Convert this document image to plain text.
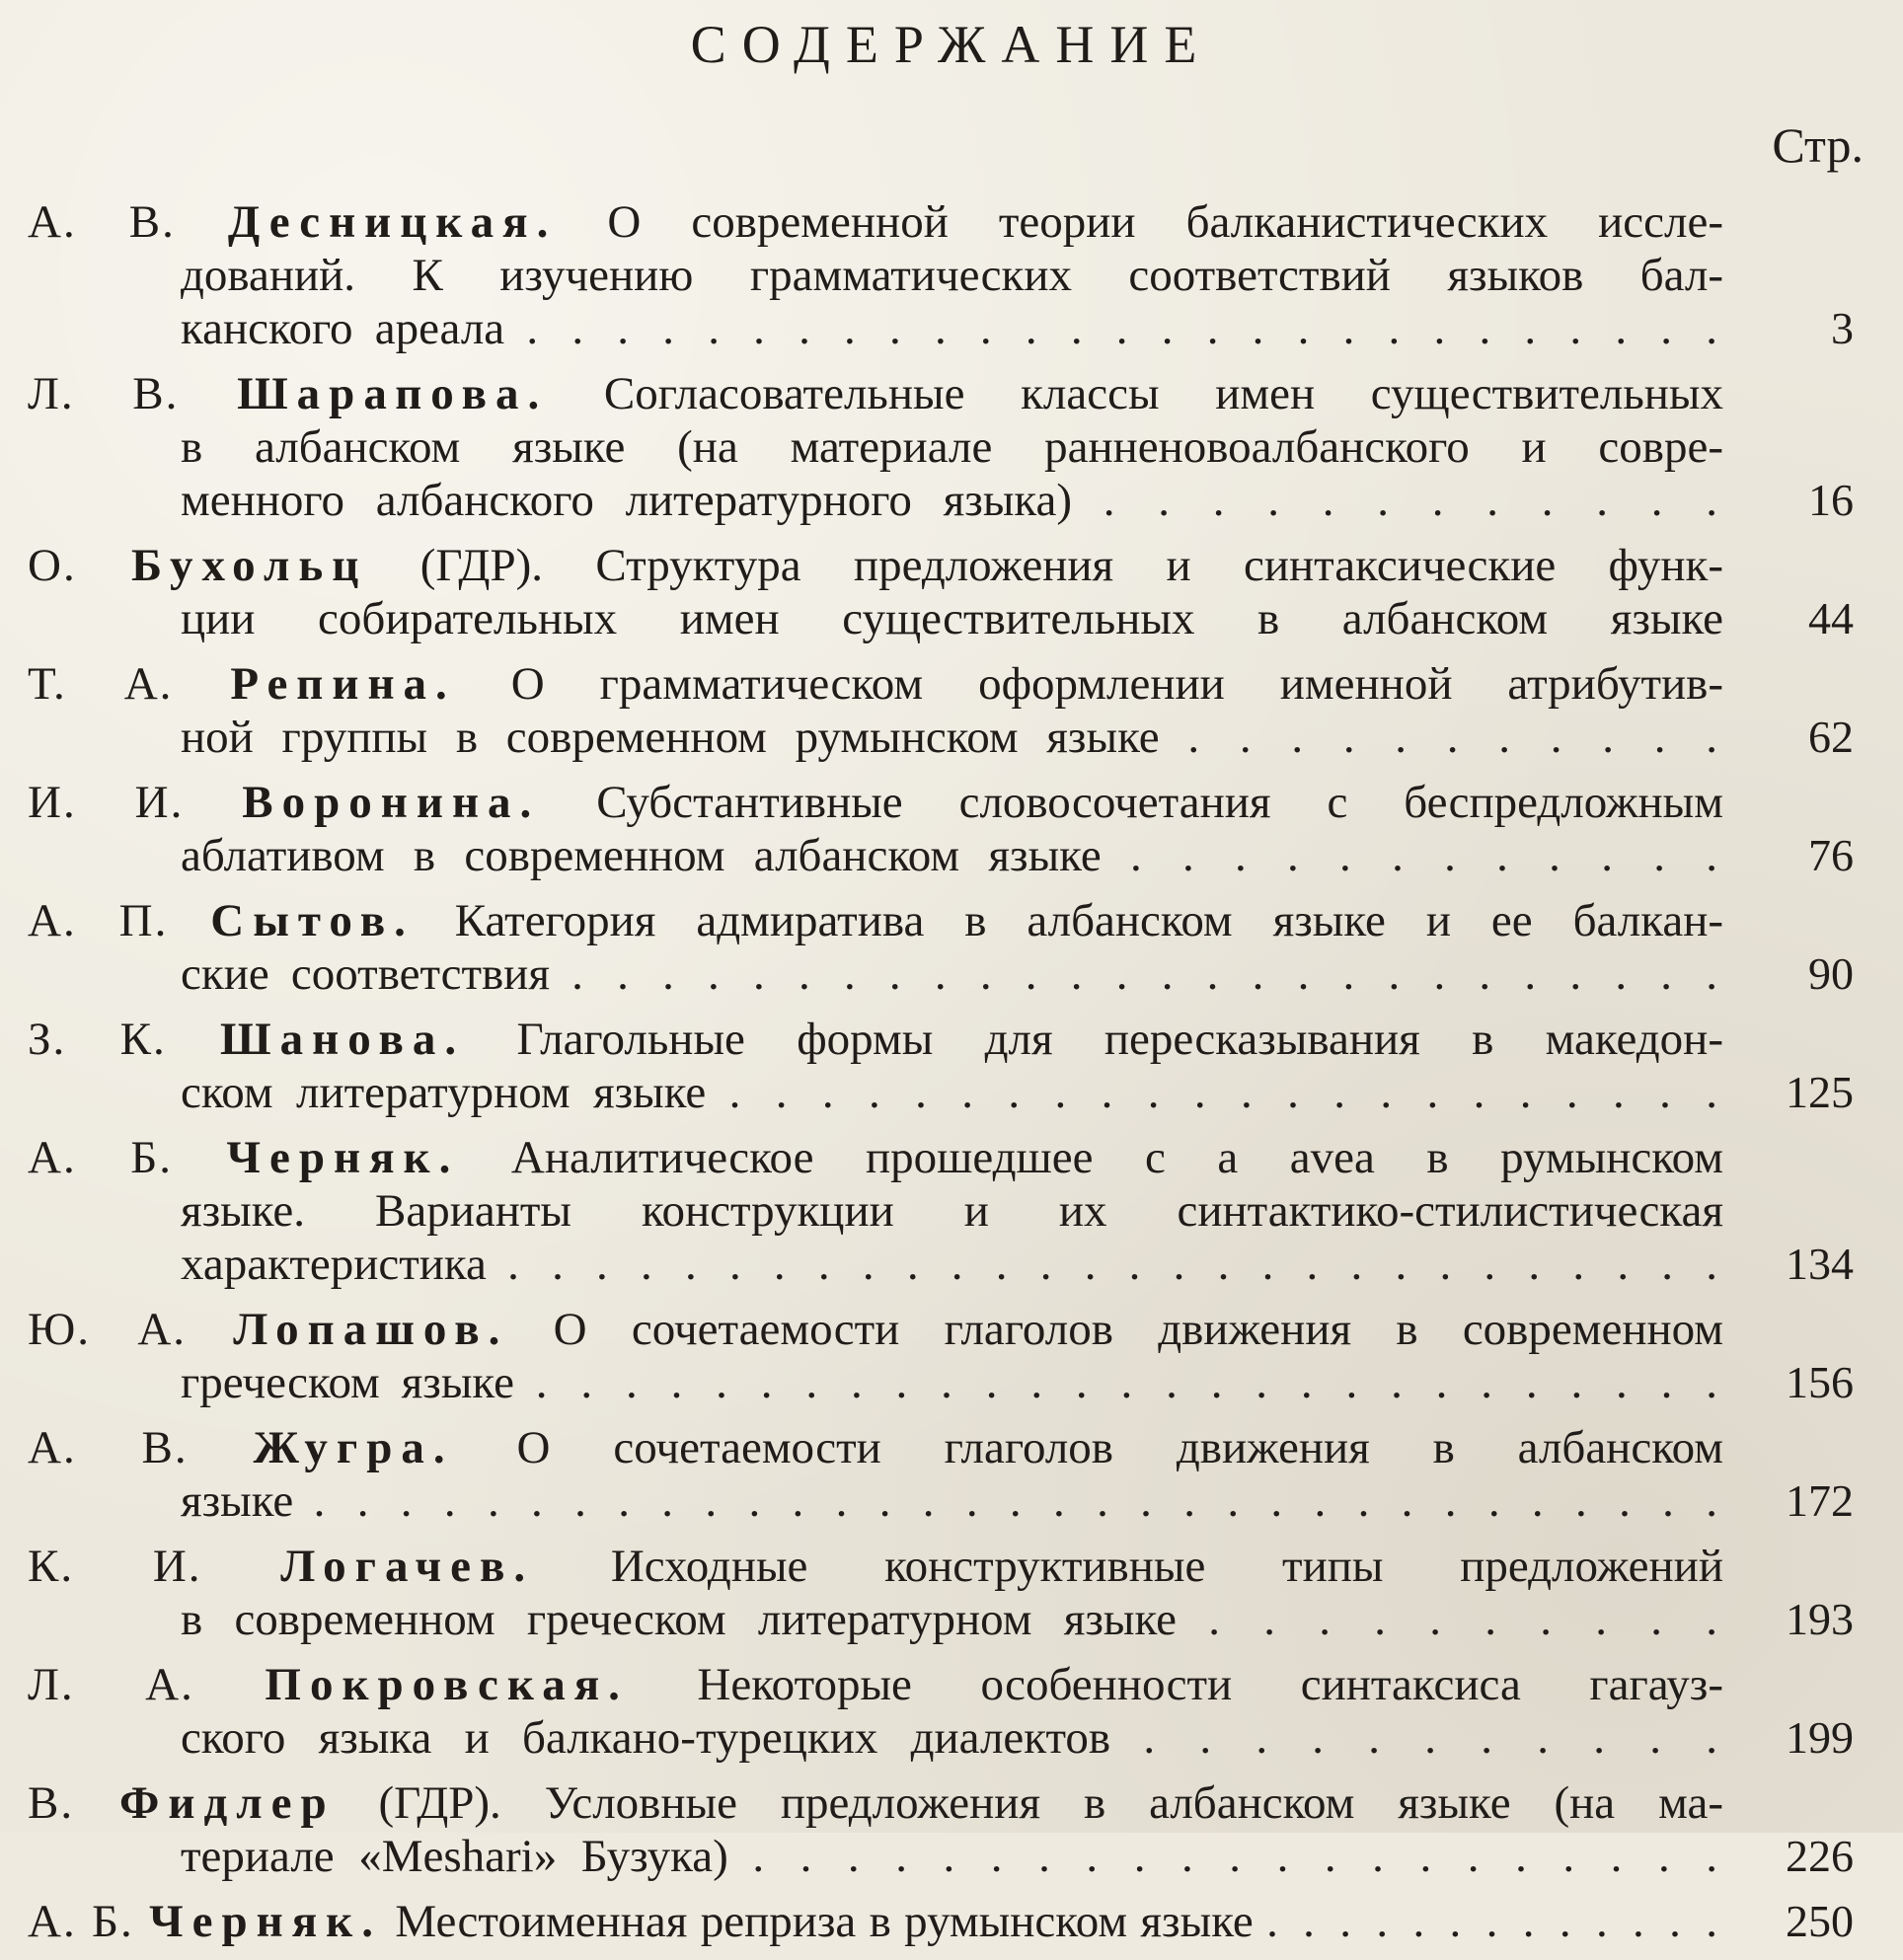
СОДЕРЖАНИЕ
Стр.
А. В. Десницкая. О современной теории балканистических иссле-
дований. К изучению грамматических соответствий языков бал-
канского ареала . . . . . . . . . . . . . . . . . . . . . . . . . . .	3
Л. В. Шарапова. Согласовательные классы имен существительных
в албанском языке (на материале ранненовоалбанского и совре-
менного албанского литературного языка) . . . . . . . . . . . .	16
О. Бухольц (ГДР). Структура предложения и синтаксические функ-
ции собирательных имен существительных в албанском языке	44
Т. А. Репина. О грамматическом оформлении именной атрибутив-
ной группы в современном румынском языке . . . . . . . . . . .	62
И. И. Воронина. Субстантивные словосочетания с беспредложным
аблативом в современном албанском языке . . . . . . . . . . . .	76
А. П. Сытов. Категория адмиратива в албанском языке и ее балкан-
ские соответствия . . . . . . . . . . . . . . . . . . . . . . . . . .	90
З. К. Шанова. Глагольные формы для пересказывания в македон-
ском литературном языке . . . . . . . . . . . . . . . . . . . . . .	125
А. Б. Черняк. Аналитическое прошедшее с a avea в румынском
языке. Варианты конструкции и их синтактико-стилистическая
характеристика . . . . . . . . . . . . . . . . . . . . . . . . . . . .	134
Ю. А. Лопашов. О сочетаемости глаголов движения в современном
греческом языке . . . . . . . . . . . . . . . . . . . . . . . . . . .	156
А. В. Жугра. О сочетаемости глаголов движения в албанском
языке . . . . . . . . . . . . . . . . . . . . . . . . . . . . . . . . .	172
К. И. Логачев. Исходные конструктивные типы предложений
в современном греческом литературном языке . . . . . . . . . .	193
Л. А. Покровская. Некоторые особенности синтаксиса гагауз-
ского языка и балкано-турецких диалектов . . . . . . . . . . .	199
В. Фидлер (ГДР). Условные предложения в албанском языке (на ма-
териале «Meshari» Бузука) . . . . . . . . . . . . . . . . . . . . .	226
А. Б. Черняк. Местоименная реприза в румынском языке . . . . . . . . . . . . .	250
